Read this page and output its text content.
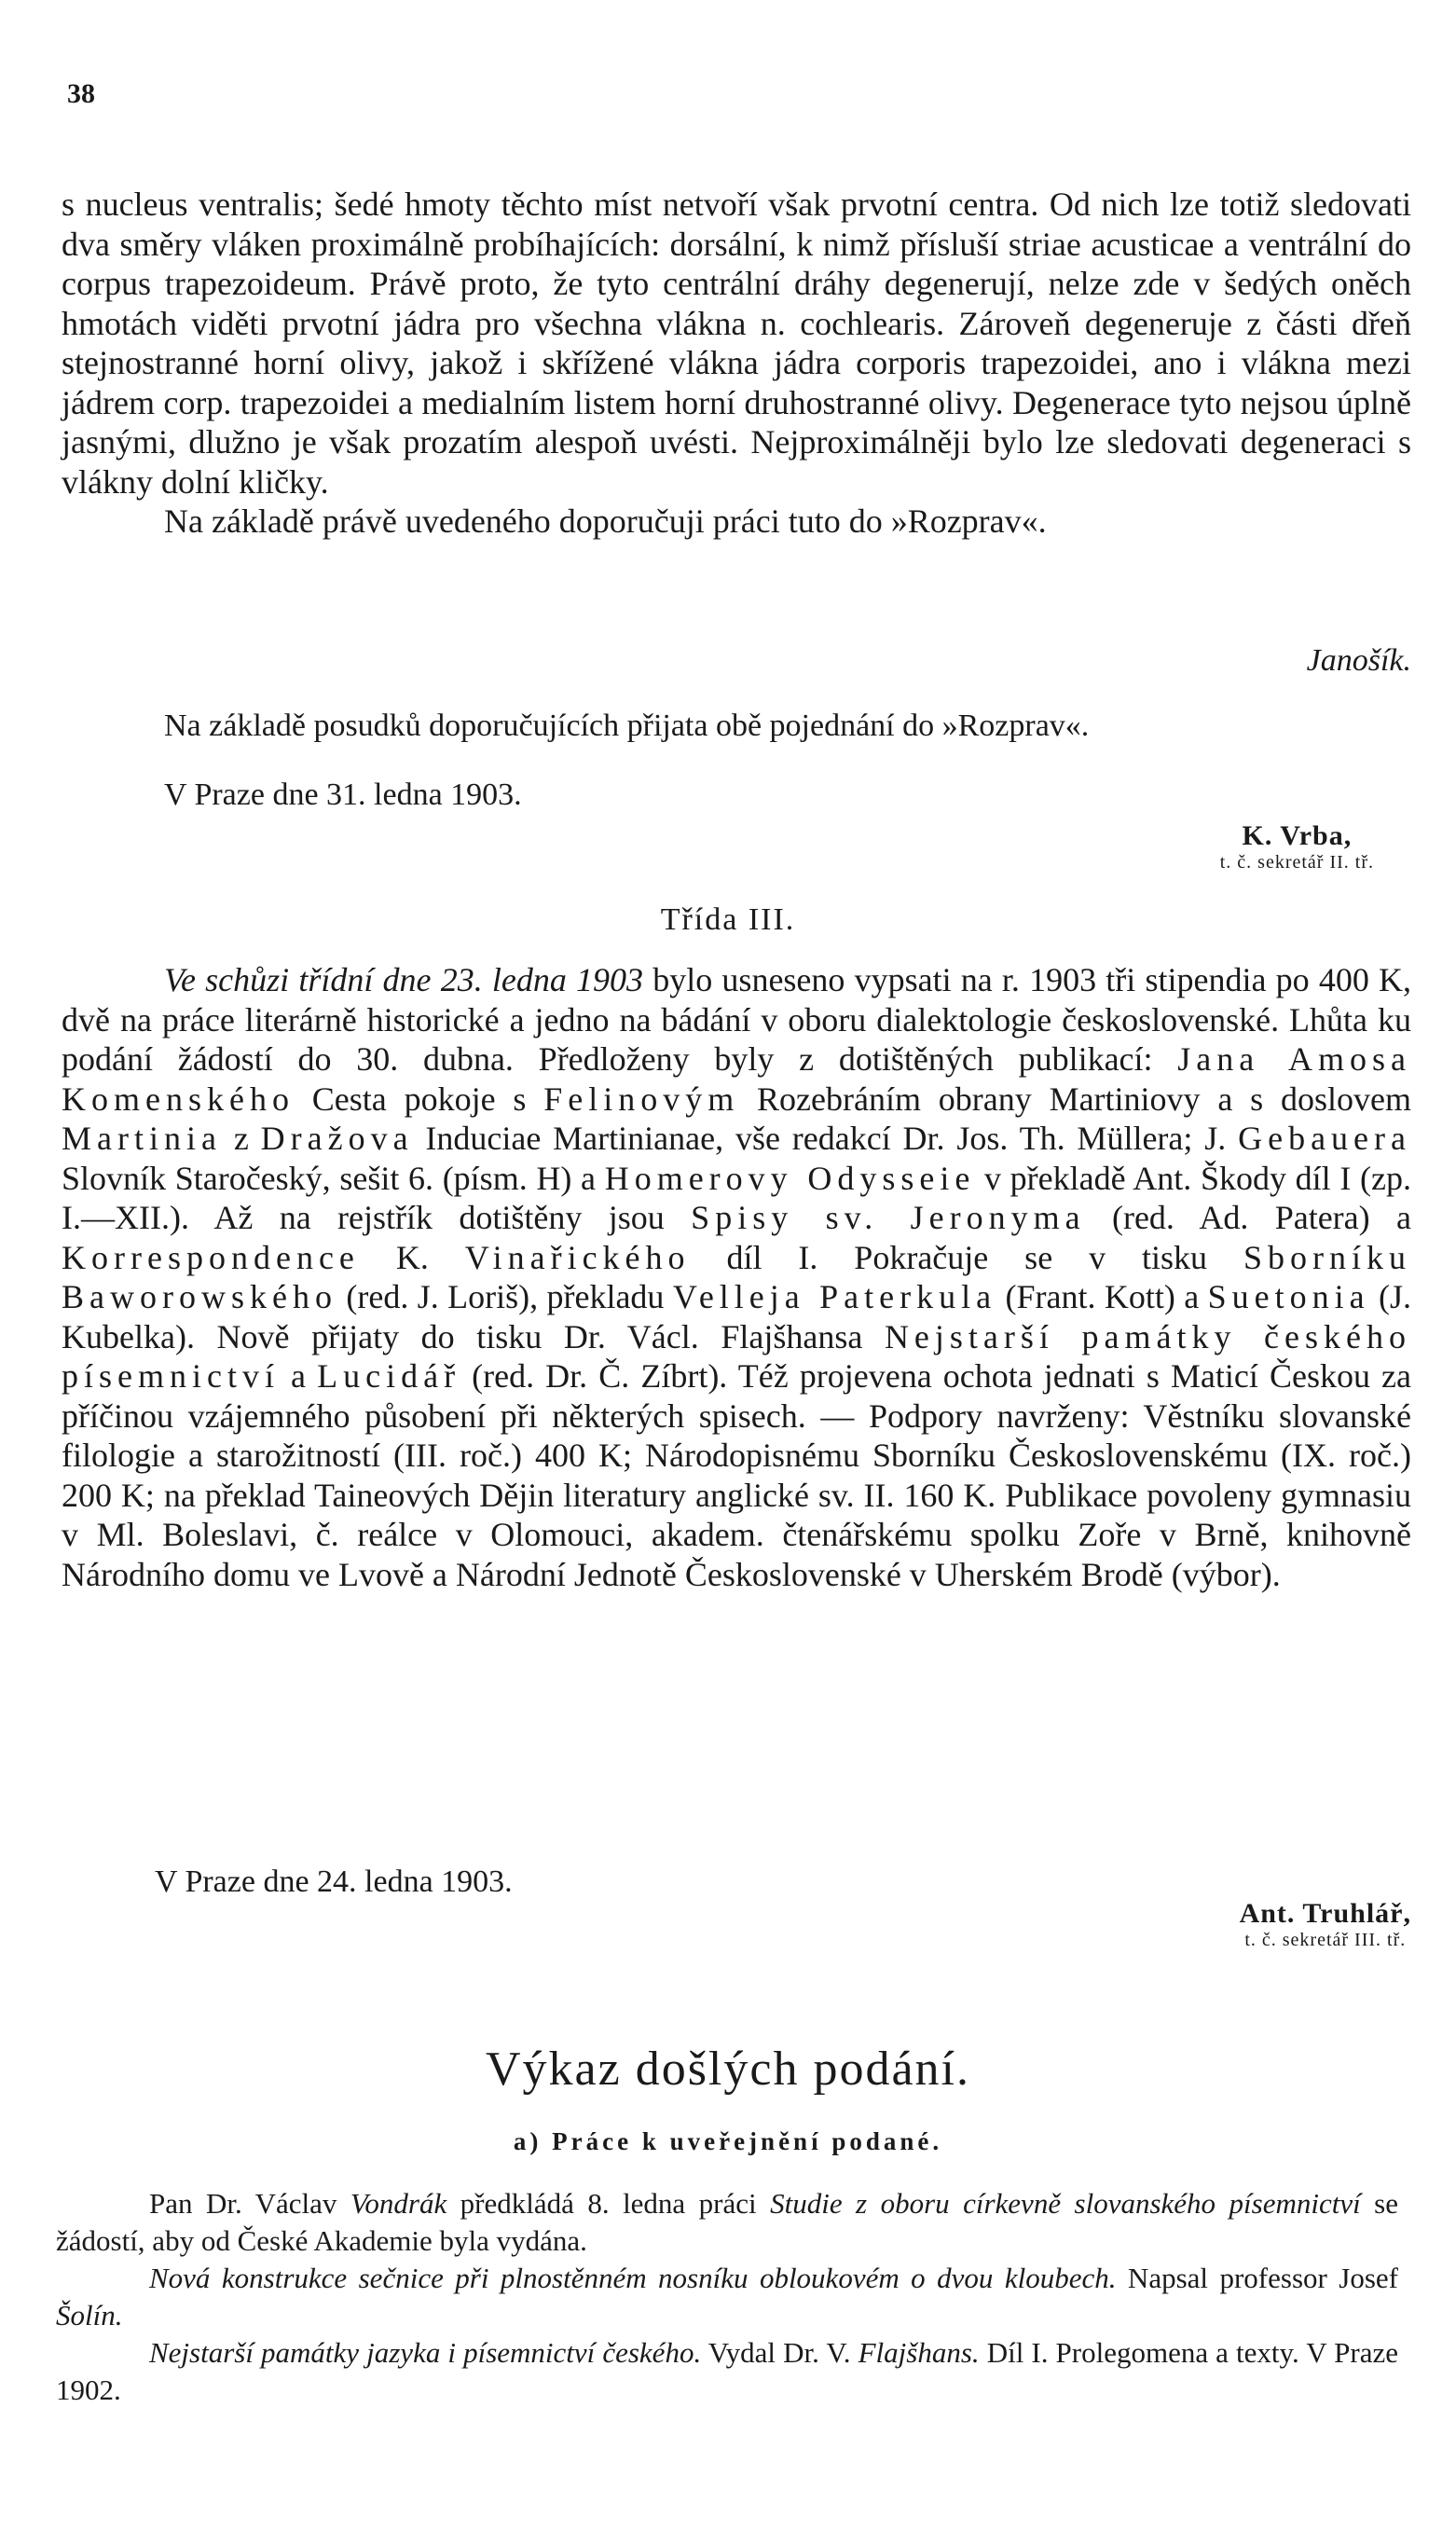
38

s nucleus ventralis; šedé hmoty těchto míst netvoří však prvotní centra. Od nich lze totiž sledovati dva směry vláken proximálně probíhajících: dorsální, k nimž přísluší striae acusticae a ventrální do corpus trapezoideum. Právě proto, že tyto centrální dráhy degenerují, nelze zde v šedých oněch hmotách viděti prvotní jádra pro všechna vlákna n. cochlearis. Zároveň degeneruje z části dřeň stejnostranné horní olivy, jakož i skřížené vlákna jádra corporis trapezoidei, ano i vlákna mezi jádrem corp. trapezoidei a medialním listem horní druhostranné olivy. Degenerace tyto nejsou úplně jasnými, dlužno je však prozatím alespoň uvésti. Nejproximálněji bylo lze sledovati degeneraci s vlákny dolní kličky.

Na základě právě uvedeného doporučuji práci tuto do »Rozprav«.

Janošík.
Na základě posudků doporučujících přijata obě pojednání do »Rozprav«.
V Praze dne 31. ledna 1903.
K. Vrba,
t. č. sekretář II. tř.
Třída III.

Ve schůzi třídní dne 23. ledna 1903 bylo usneseno vypsati na r. 1903 tři stipendia po 400 K, dvě na práce literárně historické a jedno na bádání v oboru dialektologie československé. Lhůta ku podání žádostí do 30. dubna. Předloženy byly z dotištěných publikací: Jana Amosa Komenského Cesta pokoje s Felinovým Rozebráním obrany Martiniovy a s doslovem Martinia z Dražova Induciae Martinianae, vše redakcí Dr. Jos. Th. Müllera; J. Gebauera Slovník Staročeský, sešit 6. (písm. H) a Homerovy Odysseie v překladě Ant. Škody díl I (zp. I.—XII.). Až na rejstřík dotištěny jsou Spisy sv. Jeronyma (red. Ad. Patera) a Korrespondence K. Vinařického díl I. Pokračuje se v tisku Sborníku Baworowského (red. J. Loriš), překladu Velleja Paterkula (Frant. Kott) a Suetonia (J. Kubelka). Nově přijaty do tisku Dr. Václ. Flajšhansa Nejstarší památky českého písemnictví a Lucidář (red. Dr. Č. Zíbrt). Též projevena ochota jednati s Maticí Českou za příčinou vzájemného působení při některých spisech. — Podpory navrženy: Věstníku slovanské filologie a starožitností (III. roč.) 400 K; Národopisnému Sborníku Československému (IX. roč.) 200 K; na překlad Taineových Dějin literatury anglické sv. II. 160 K. Publikace povoleny gymnasiu v Ml. Boleslavi, č. reálce v Olomouci, akadem. čtenářskému spolku Zoře v Brně, knihovně Národního domu ve Lvově a Národní Jednotě Československé v Uherském Brodě (výbor).

V Praze dne 24. ledna 1903.
Ant. Truhlář,
t. č. sekretář III. tř.
Výkaz došlých podání.
a) Práce k uveřejnění podané.

Pan Dr. Václav Vondrák předkládá 8. ledna práci Studie z oboru církevně slovanského písemnictví se žádostí, aby od České Akademie byla vydána.

Nová konstrukce sečnice při plnostěnném nosníku obloukovém o dvou kloubech. Napsal professor Josef Šolín.

Nejstarší památky jazyka i písemnictví českého. Vydal Dr. V. Flajšhans. Díl I. Prolegomena a texty. V Praze 1902.
